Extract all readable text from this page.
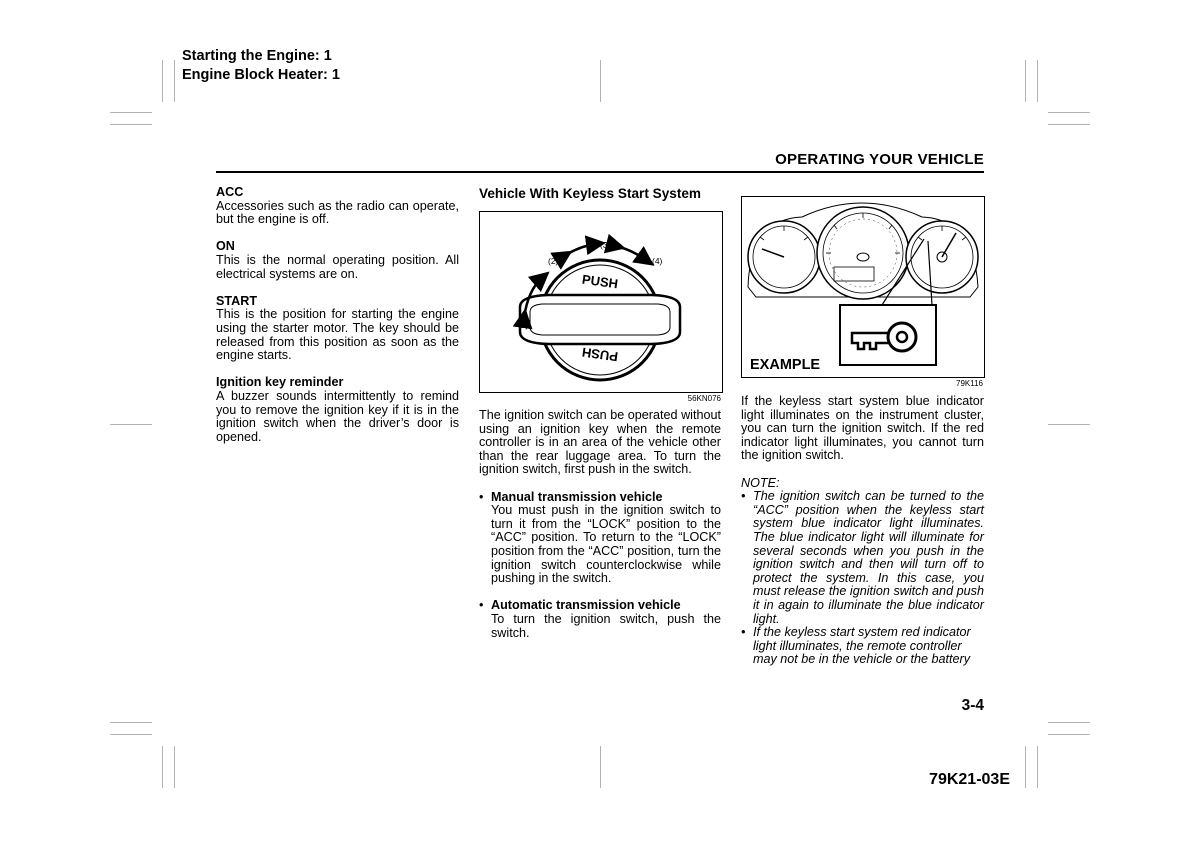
Starting the Engine: 1
Engine Block Heater: 1
OPERATING YOUR VEHICLE

ACC

Accessories such as the radio can operate, but the engine is off.

ON

This is the normal operating position. All electrical systems are on.

START

This is the position for starting the engine using the starter motor. The key should be released from this position as soon as the engine starts.

Ignition key reminder

A buzzer sounds intermittently to remind you to remove the ignition key if it is in the ignition switch when the driver’s door is opened.

Vehicle With Keyless Start System
PUSH
PUSH
(1)
(2)
(3)
(4)
56KN076

The ignition switch can be operated without using an ignition key when the remote controller is in an area of the vehicle other than the rear luggage area. To turn the ignition switch, first push in the switch.

• Manual transmission vehicle

You must push in the ignition switch to turn it from the “LOCK” position to the “ACC” position. To return to the “LOCK” position from the “ACC” position, turn the ignition switch counterclockwise while pushing in the switch.

• Automatic transmission vehicle

To turn the ignition switch, push the switch.

EXAMPLE
79K116

If the keyless start system blue indicator light illuminates on the instrument cluster, you can turn the ignition switch. If the red indicator light illuminates, you cannot turn the ignition switch.

NOTE:

• The ignition switch can be turned to the “ACC” position when the keyless start system blue indicator light illuminates. The blue indicator light will illuminate for several seconds when you push in the ignition switch and then will turn off to protect the system. In this case, you must release the ignition switch and push it in again to illuminate the blue indicator light.

• If the keyless start system red indicator light illuminates, the remote controller may not be in the vehicle or the battery

3-4
79K21-03E
